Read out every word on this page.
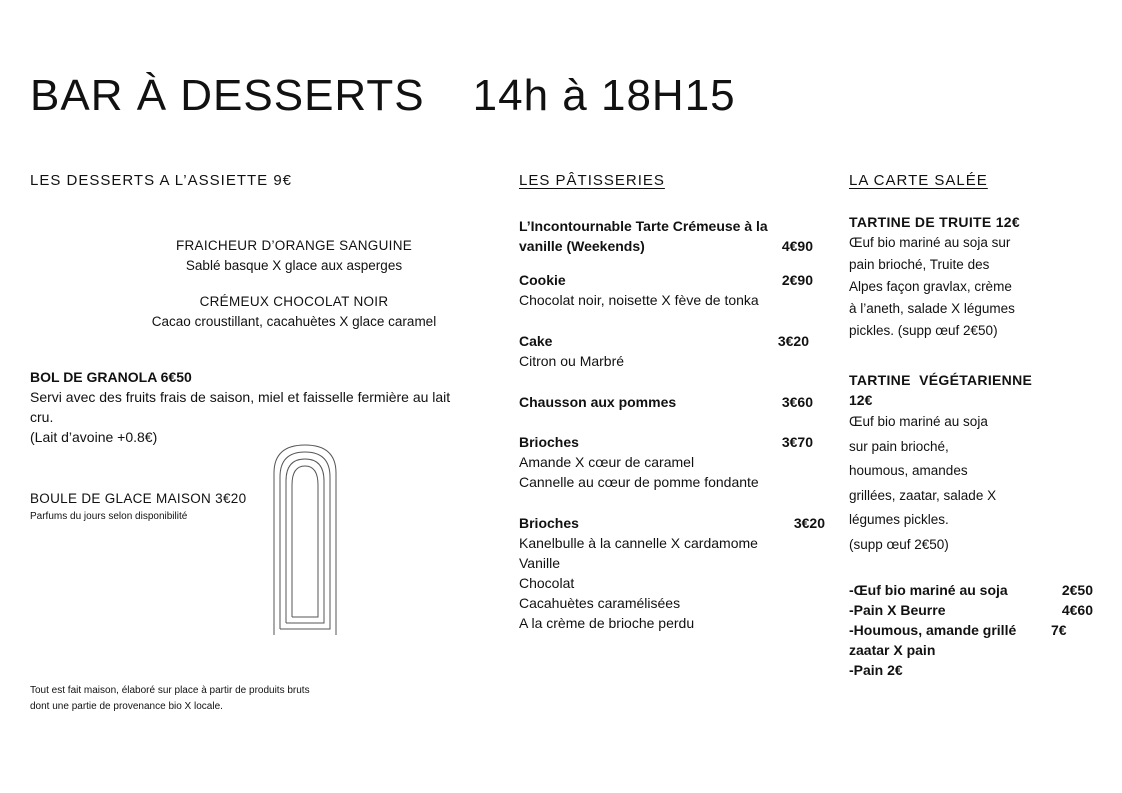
BAR À DESSERTS 14h à 18H15
LES DESSERTS A L’ASSIETTE 9€
FRAICHEUR D’ORANGE SANGUINE
Sablé basque X glace aux asperges
CRÉMEUX CHOCOLAT NOIR
Cacao croustillant, cacahuètes X glace caramel
BOL DE GRANOLA 6€50
Servi avec des fruits frais de saison, miel et faisselle fermière au lait
cru.
(Lait d’avoine +0.8€)
BOULE DE GLACE MAISON 3€20
Parfums du jours selon disponibilité
Tout est fait maison, élaboré sur place à partir de produits bruts
dont une partie de provenance bio X locale.
LES PÂTISSERIES
L’Incontournable Tarte Crémeuse à la
vanille (Weekends)	4€90
Cookie	2€90
Chocolat noir, noisette X fève de tonka
Cake	3€20
Citron ou Marbré
Chausson aux pommes	3€60
Brioches	3€70
Amande X cœur de caramel
Cannelle au cœur de pomme fondante
Brioches	3€20
Kanelbulle à la cannelle X cardamome
Vanille
Chocolat
Cacahuètes caramélisées
A la crème de brioche perdu
LA CARTE SALÉE
TARTINE DE TRUITE 12€
Œuf bio mariné au soja sur
pain brioché, Truite des
Alpes façon gravlax, crème
à l’aneth, salade X légumes
pickles. (supp œuf 2€50)
TARTINE  VÉGÉTARIENNE
12€
Œuf bio mariné au soja
sur pain brioché,
houmous, amandes
grillées, zaatar, salade X
légumes pickles.
(supp œuf 2€50)
-Œuf bio mariné au soja	2€50
-Pain X Beurre	4€60
-Houmous, amande grillé 7€
zaatar X pain
-Pain 2€
